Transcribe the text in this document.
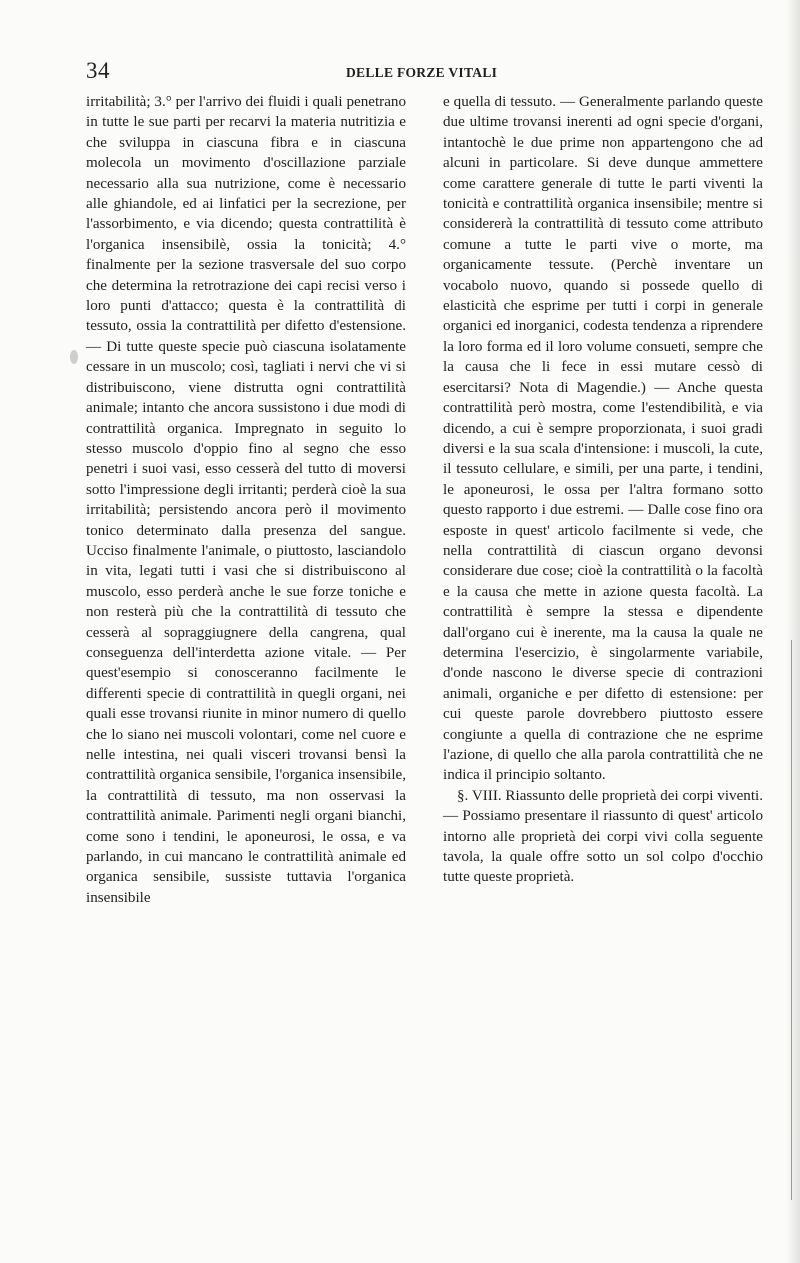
34	DELLE FORZE VITALI

irritabilità; 3.° per l'arrivo dei fluidi i quali penetrano in tutte le sue parti per recarvi la materia nutritizia e che sviluppa in ciascuna fibra e in ciascuna molecola un movimento d'oscillazione parziale necessario alla sua nutrizione, come è necessario alle ghiandole, ed ai linfatici per la secrezione, per l'assorbimento, e via dicendo; questa contrattilità è l'organica insensibilè, ossia la tonicità; 4.° finalmente per la sezione trasversale del suo corpo che determina la retrotrazione dei capi recisi verso i loro punti d'attacco; questa è la contrattilità di tessuto, ossia la contrattilità per difetto d'estensione. — Di tutte queste specie può ciascuna isolatamente cessare in un muscolo; così, tagliati i nervi che vi si distribuiscono, viene distrutta ogni contrattilità animale; intanto che ancora sussistono i due modi di contrattilità organica. Impregnato in seguito lo stesso muscolo d'oppio fino al segno che esso penetri i suoi vasi, esso cesserà del tutto di moversi sotto l'impressione degli irritanti; perderà cioè la sua irritabilità; persistendo ancora però il movimento tonico determinato dalla presenza del sangue. Ucciso finalmente l'animale, o piuttosto, lasciandolo in vita, legati tutti i vasi che si distribuiscono al muscolo, esso perderà anche le sue forze toniche e non resterà più che la contrattilità di tessuto che cesserà al sopraggiugnere della cangrena, qual conseguenza dell'interdetta azione vitale. — Per quest'esempio si conosceranno facilmente le differenti specie di contrattilità in quegli organi, nei quali esse trovansi riunite in minor numero di quello che lo siano nei muscoli volontari, come nel cuore e nelle intestina, nei quali visceri trovansi bensì la contrattilità organica sensibile, l'organica insensibile, la contrattilità di tessuto, ma non osservasi la contrattilità animale. Parimenti negli organi bianchi, come sono i tendini, le aponeurosi, le ossa, e va parlando, in cui mancano le contrattilità animale ed organica sensibile, sussiste tuttavia l'organica insensibile

e quella di tessuto. — Generalmente parlando queste due ultime trovansi inerenti ad ogni specie d'organi, intantochè le due prime non appartengono che ad alcuni in particolare. Si deve dunque ammettere come carattere generale di tutte le parti viventi la tonicità e contrattilità organica insensibile; mentre si considererà la contrattilità di tessuto come attributo comune a tutte le parti vive o morte, ma organicamente tessute. (Perchè inventare un vocabolo nuovo, quando si possede quello di elasticità che esprime per tutti i corpi in generale organici ed inorganici, codesta tendenza a riprendere la loro forma ed il loro volume consueti, sempre che la causa che li fece in essi mutare cessò di esercitarsi? Nota di Magendie.) — Anche questa contrattilità però mostra, come l'estendibilità, e via dicendo, a cui è sempre proporzionata, i suoi gradi diversi e la sua scala d'intensione: i muscoli, la cute, il tessuto cellulare, e simili, per una parte, i tendini, le aponeurosi, le ossa per l'altra formano sotto questo rapporto i due estremi. — Dalle cose fino ora esposte in quest' articolo facilmente si vede, che nella contrattilità di ciascun organo devonsi considerare due cose; cioè la contrattilità o la facoltà e la causa che mette in azione questa facoltà. La contrattilità è sempre la stessa e dipendente dall'organo cui è inerente, ma la causa la quale ne determina l'esercizio, è singolarmente variabile, d'onde nascono le diverse specie di contrazioni animali, organiche e per difetto di estensione: per cui queste parole dovrebbero piuttosto essere congiunte a quella di contrazione che ne esprime l'azione, di quello che alla parola contrattilità che ne indica il principio soltanto.

§. VIII. Riassunto delle proprietà dei corpi viventi. — Possiamo presentare il riassunto di quest' articolo intorno alle proprietà dei corpi vivi colla seguente tavola, la quale offre sotto un sol colpo d'occhio tutte queste proprietà.
